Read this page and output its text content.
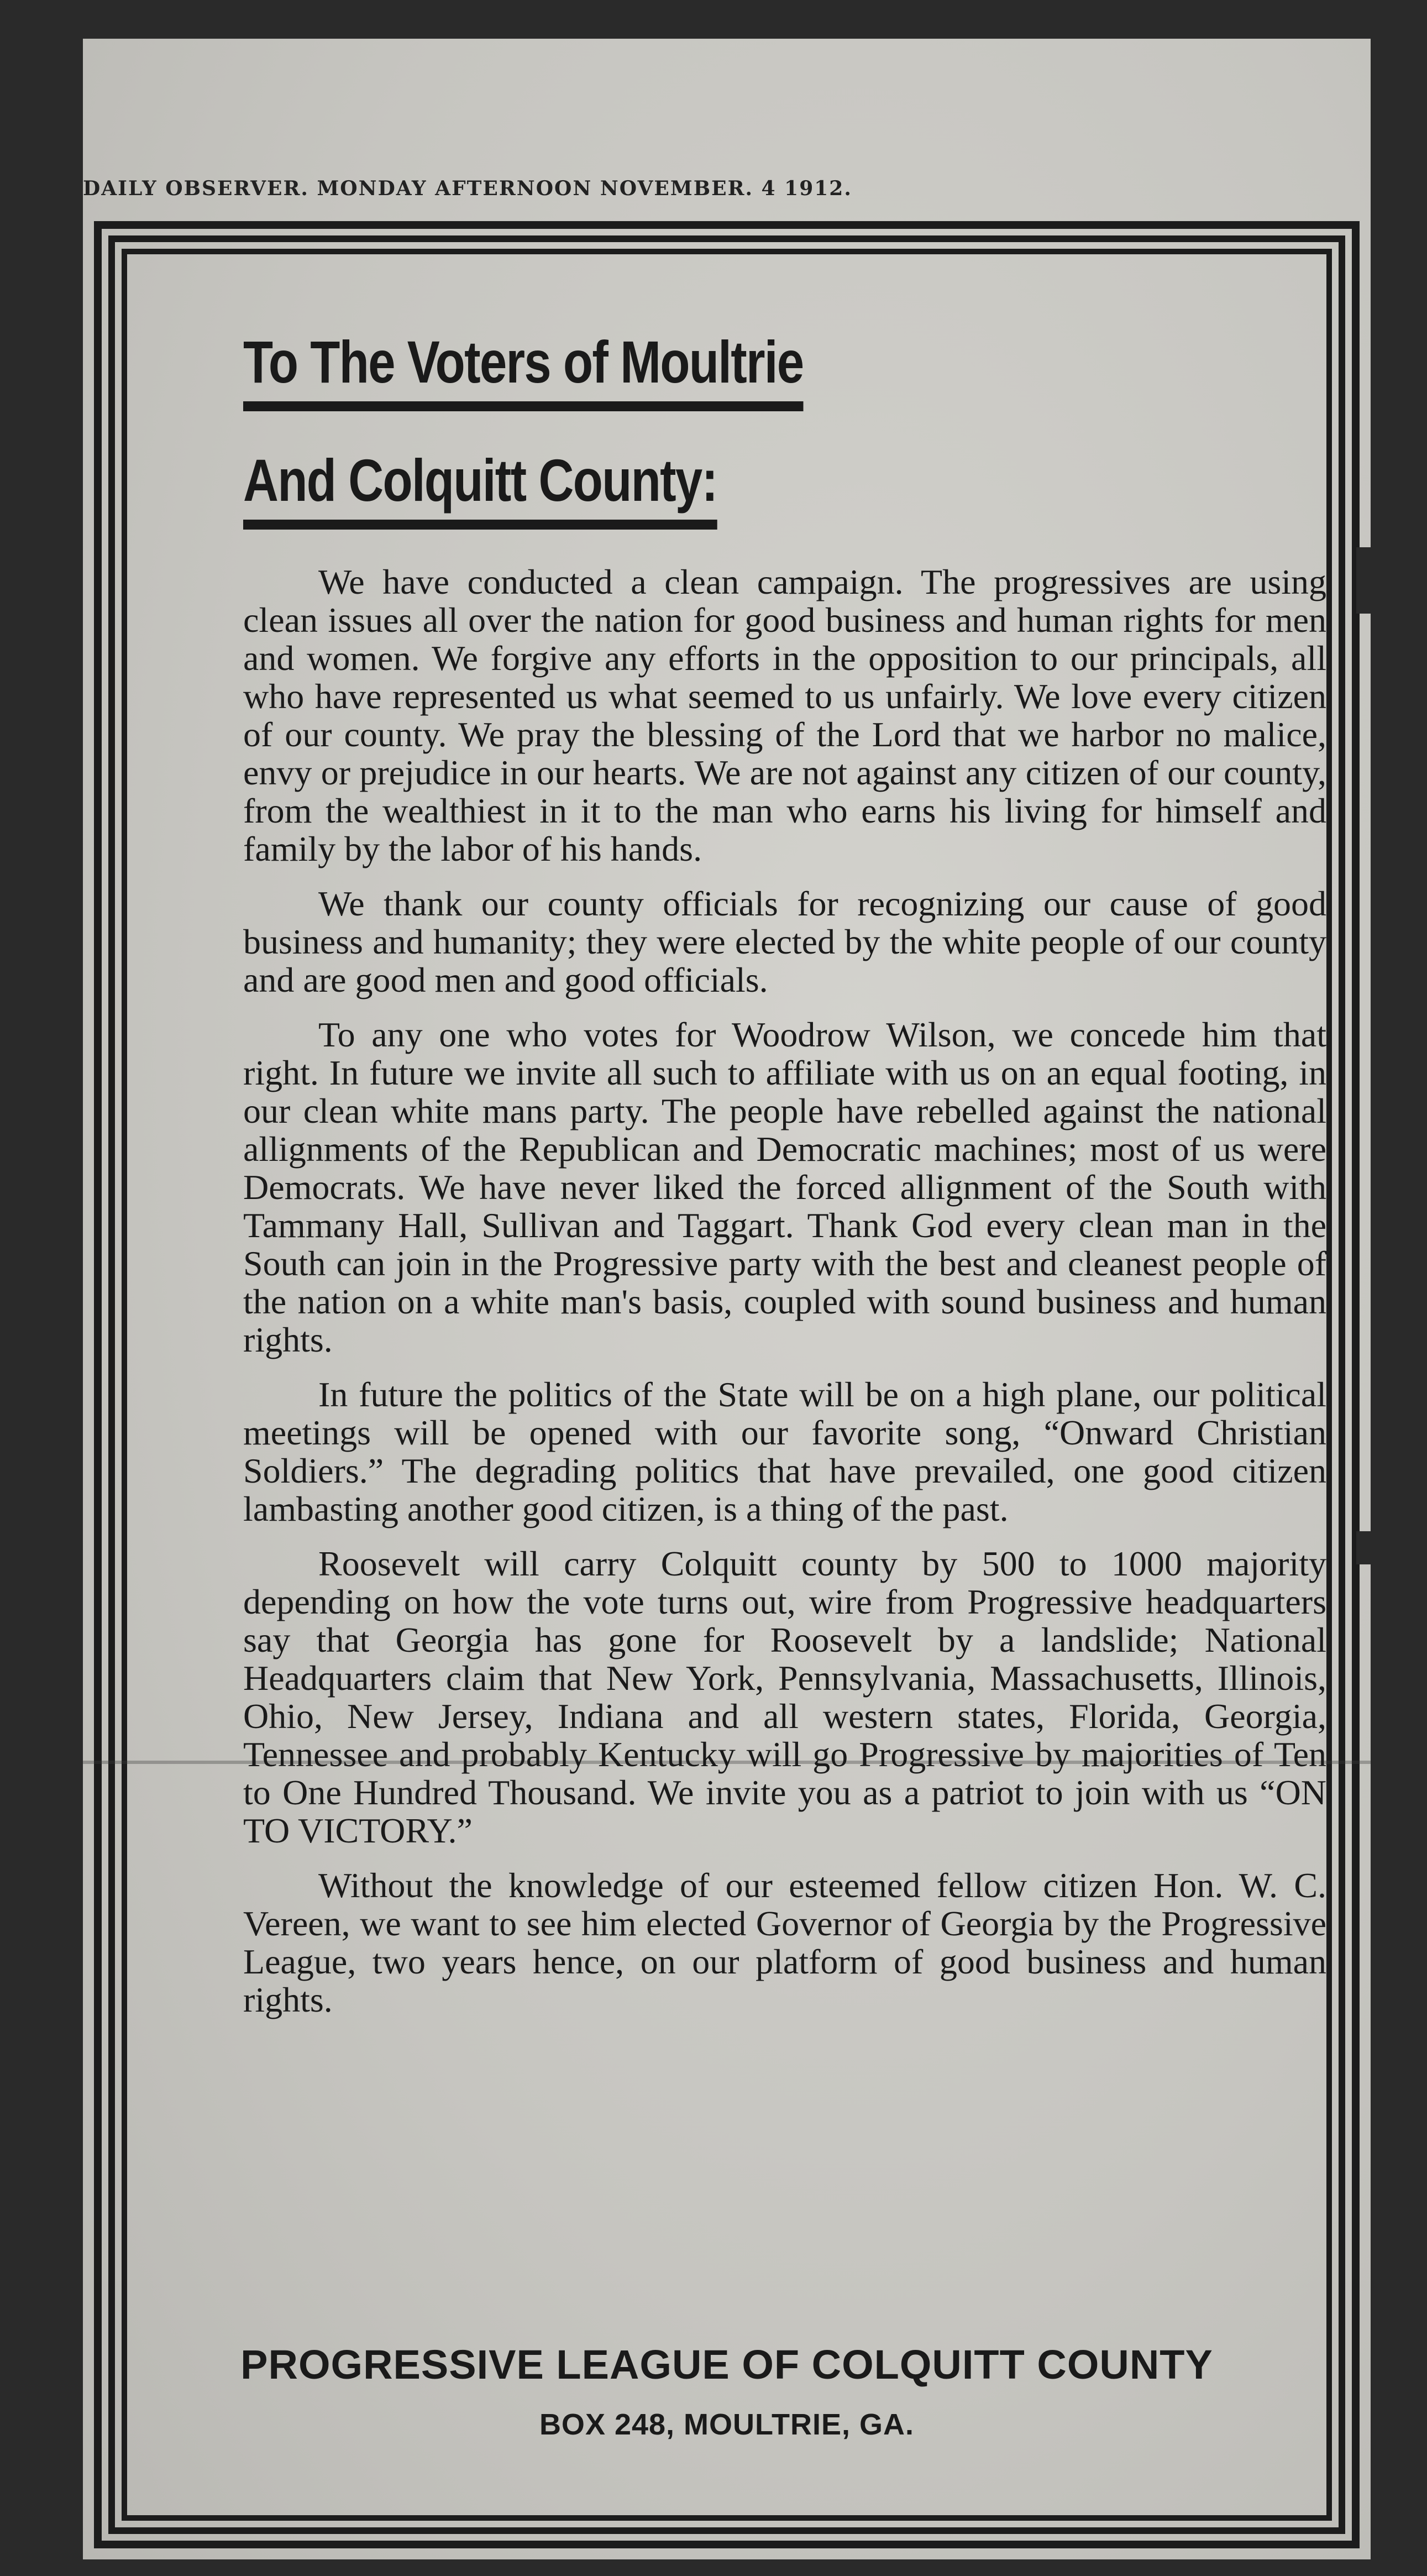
DAILY OBSERVER. MONDAY AFTERNOON NOVEMBER. 4 1912.
To The Voters of Moultrie
And Colquitt County:

We have conducted a clean campaign. The progressives are using clean issues all over the nation for good business and human rights for men and women. We forgive any efforts in the opposition to our principals, all who have represented us what seemed to us unfairly. We love every citizen of our county. We pray the blessing of the Lord that we harbor no malice, envy or prejudice in our hearts. We are not against any citizen of our county, from the wealthiest in it to the man who earns his living for himself and family by the labor of his hands.

We thank our county officials for recognizing our cause of good business and humanity; they were elected by the white people of our county and are good men and good officials.

To any one who votes for Woodrow Wilson, we concede him that right. In future we invite all such to affiliate with us on an equal footing, in our clean white mans party. The people have rebelled against the national allignments of the Republican and Democratic machines; most of us were Democrats. We have never liked the forced allignment of the South with Tammany Hall, Sullivan and Taggart. Thank God every clean man in the South can join in the Progressive party with the best and cleanest people of the nation on a white man's basis, coupled with sound business and human rights.

In future the politics of the State will be on a high plane, our political meetings will be opened with our favorite song, “Onward Christian Soldiers.” The degrading politics that have prevailed, one good citizen lambasting another good citizen, is a thing of the past.

Roosevelt will carry Colquitt county by 500 to 1000 majority depending on how the vote turns out, wire from Progressive headquarters say that Georgia has gone for Roosevelt by a landslide; National Headquarters claim that New York, Pennsylvania, Massachusetts, Illinois, Ohio, New Jersey, Indiana and all western states, Florida, Georgia, Tennessee and probably Kentucky will go Progressive by majorities of Ten to One Hundred Thousand. We invite you as a patriot to join with us “ON TO VICTORY.”

Without the knowledge of our esteemed fellow citizen Hon. W. C. Vereen, we want to see him elected Governor of Georgia by the Progressive League, two years hence, on our platform of good business and human rights.

PROGRESSIVE LEAGUE OF COLQUITT COUNTY
BOX 248, MOULTRIE, GA.
